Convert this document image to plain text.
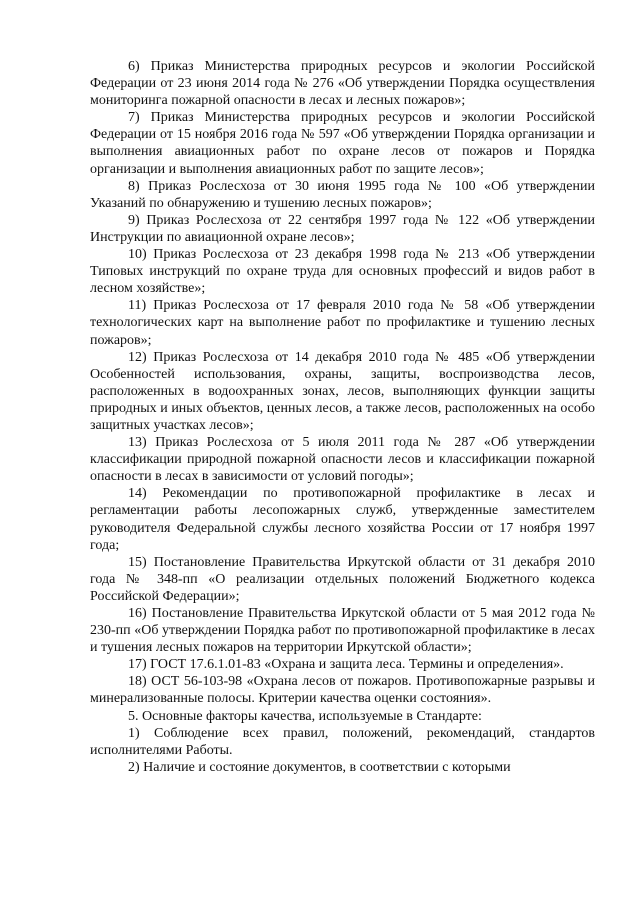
6) Приказ Министерства природных ресурсов и экологии Российской Федерации от 23 июня 2014 года № 276 «Об утверждении Порядка осуществления мониторинга пожарной опасности в лесах и лесных пожаров»;

7) Приказ Министерства природных ресурсов и экологии Российской Федерации от 15 ноября 2016 года № 597 «Об утверждении Порядка организации и выполнения авиационных работ по охране лесов от пожаров и Порядка организации и выполнения авиационных работ по защите лесов»;

8) Приказ Рослесхоза от 30 июня 1995 года № 100 «Об утверждении Указаний по обнаружению и тушению лесных пожаров»;

9) Приказ Рослесхоза от 22 сентября 1997 года № 122 «Об утверждении Инструкции по авиационной охране лесов»;

10) Приказ Рослесхоза от 23 декабря 1998 года № 213 «Об утверждении Типовых инструкций по охране труда для основных профессий и видов работ в лесном хозяйстве»;

11) Приказ Рослесхоза от 17 февраля 2010 года № 58 «Об утверждении технологических карт на выполнение работ по профилактике и тушению лесных пожаров»;

12) Приказ Рослесхоза от 14 декабря 2010 года № 485 «Об утверждении Особенностей использования, охраны, защиты, воспроизводства лесов, расположенных в водоохранных зонах, лесов, выполняющих функции защиты природных и иных объектов, ценных лесов, а также лесов, расположенных на особо защитных участках лесов»;

13) Приказ Рослесхоза от 5 июля 2011 года № 287 «Об утверждении классификации природной пожарной опасности лесов и классификации пожарной опасности в лесах в зависимости от условий погоды»;

14) Рекомендации по противопожарной профилактике в лесах и регламентации работы лесопожарных служб, утвержденные заместителем руководителя Федеральной службы лесного хозяйства России от 17 ноября 1997 года;

15) Постановление Правительства Иркутской области от 31 декабря 2010 года № 348-пп «О реализации отдельных положений Бюджетного кодекса Российской Федерации»;

16) Постановление Правительства Иркутской области от 5 мая 2012 года № 230-пп «Об утверждении Порядка работ по противопожарной профилактике в лесах и тушения лесных пожаров на территории Иркутской области»;

17) ГОСТ 17.6.1.01-83 «Охрана и защита леса. Термины и определения».

18) ОСТ 56-103-98 «Охрана лесов от пожаров. Противопожарные разрывы и минерализованные полосы. Критерии качества оценки состояния».

5. Основные факторы качества, используемые в Стандарте:

1) Соблюдение всех правил, положений, рекомендаций, стандартов исполнителями Работы.

2) Наличие и состояние документов, в соответствии с которыми
